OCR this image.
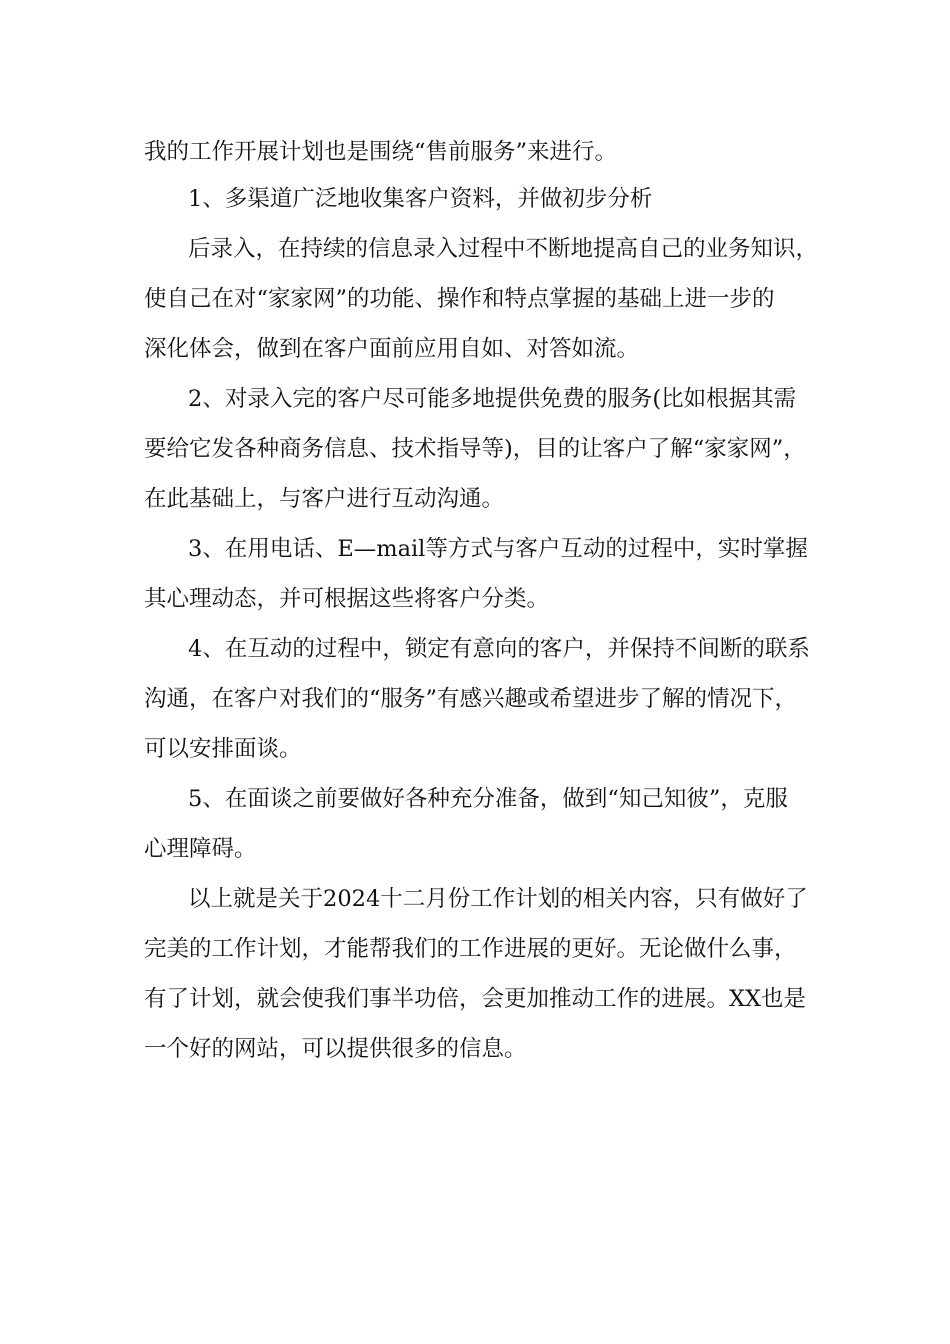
我的工作开展计划也是围绕“售前服务”来进行。

1、多渠道广泛地收集客户资料，并做初步分析

后录入，在持续的信息录入过程中不断地提高自己的业务知识，

使自己在对“家家网”的功能、操作和特点掌握的基础上进一步的

深化体会，做到在客户面前应用自如、对答如流。

2、对录入完的客户尽可能多地提供免费的服务(比如根据其需

要给它发各种商务信息、技术指导等)，目的让客户了解“家家网”，

在此基础上，与客户进行互动沟通。

3、在用电话、E—mail等方式与客户互动的过程中，实时掌握

其心理动态，并可根据这些将客户分类。

4、在互动的过程中，锁定有意向的客户，并保持不间断的联系

沟通，在客户对我们的“服务”有感兴趣或希望进步了解的情况下，

可以安排面谈。

5、在面谈之前要做好各种充分准备，做到“知己知彼”，克服

心理障碍。

以上就是关于2024十二月份工作计划的相关内容，只有做好了

完美的工作计划，才能帮我们的工作进展的更好。无论做什么事，

有了计划，就会使我们事半功倍，会更加推动工作的进展。XX也是

一个好的网站，可以提供很多的信息。
